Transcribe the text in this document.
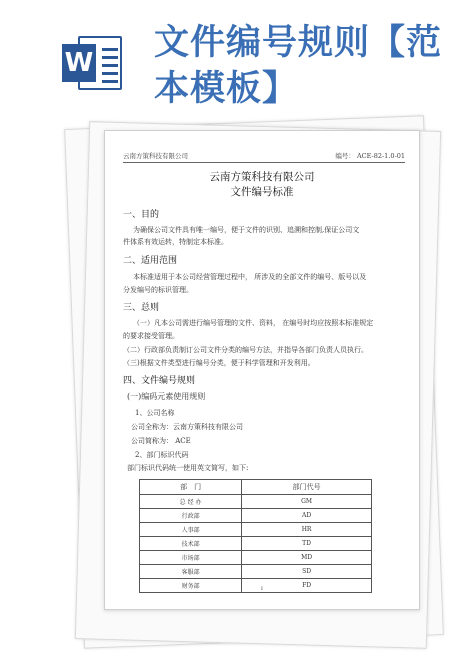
W 文件编号规则【范
本模板】
云南方策科技有限公司	编号： ACE-82-1.0-01
云南方策科技有限公司
文件编号标准
一、目的
为确保公司文件具有唯一编号，便于文件的识别、追溯和控制,保证公司文
件体系有效运转，特制定本标准。
二、适用范围
本标准适用于本公司经营管理过程中， 所涉及的全部文件的编号、版号以及
分发编号的标识管理。
三、总则
（一）凡本公司需进行编号管理的文件、资料， 在编号时均应按照本标准规定
的要求接受管理。
（二）行政部负责制订公司文件分类的编号方法，并指导各部门负责人员执行。
（三)根据文件类型进行编号分类，便于科学管理和开发利用。
四、文件编号规则
(一)编码元素使用规则
1、公司名称
公司全称为：云南方策科技有限公司
公司简称为： ACE
2、部门标识代码
部门标识代码统一使用英文简写，如下:
部　门	部门代号
总 经 办	GM
行政部	AD
人事部	HR
技术部	TD
市场部	MD
客服部	SD
财务部	FD
1
